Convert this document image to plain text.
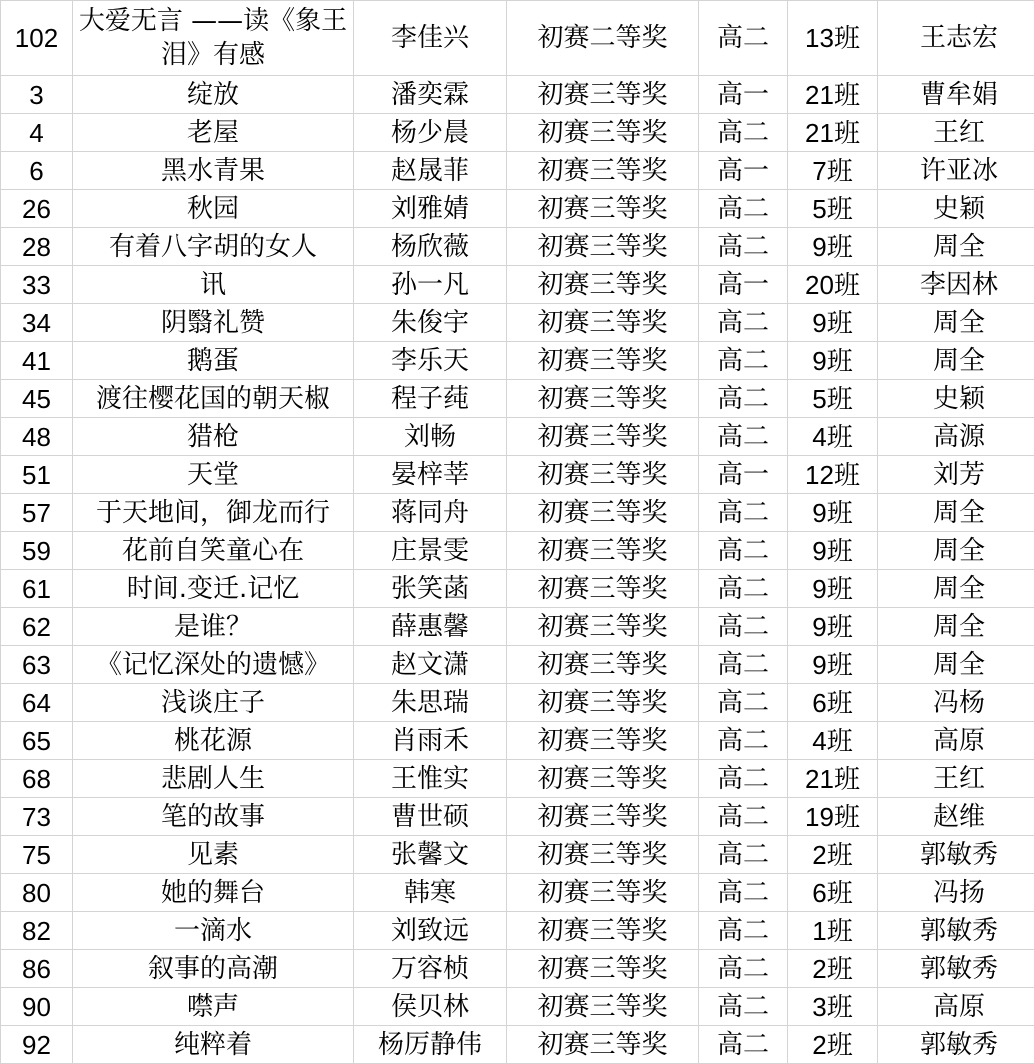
102	大爱无言 ——读《象王泪》有感	李佳兴	初赛二等奖	高二	13班	王志宏
3	绽放	潘奕霖	初赛三等奖	高一	21班	曹牟娟
4	老屋	杨少晨	初赛三等奖	高二	21班	王红
6	黑水青果	赵晟菲	初赛三等奖	高一	7班	许亚冰
26	秋园	刘雅婧	初赛三等奖	高二	5班	史颖
28	有着八字胡的女人	杨欣薇	初赛三等奖	高二	9班	周全
33	讯	孙一凡	初赛三等奖	高一	20班	李因林
34	阴翳礼赞	朱俊宇	初赛三等奖	高二	9班	周全
41	鹅蛋	李乐天	初赛三等奖	高二	9班	周全
45	渡往樱花国的朝天椒	程子莼	初赛三等奖	高二	5班	史颖
48	猎枪	刘畅	初赛三等奖	高二	4班	高源
51	天堂	晏梓莘	初赛三等奖	高一	12班	刘芳
57	于天地间，御龙而行	蒋同舟	初赛三等奖	高二	9班	周全
59	花前自笑童心在	庄景雯	初赛三等奖	高二	9班	周全
61	时间.变迁.记忆	张笑菡	初赛三等奖	高二	9班	周全
62	是谁？	薛惠馨	初赛三等奖	高二	9班	周全
63	《记忆深处的遗憾》	赵文潇	初赛三等奖	高二	9班	周全
64	浅谈庄子	朱思瑞	初赛三等奖	高二	6班	冯杨
65	桃花源	肖雨禾	初赛三等奖	高二	4班	高原
68	悲剧人生	王惟实	初赛三等奖	高二	21班	王红
73	笔的故事	曹世硕	初赛三等奖	高二	19班	赵维
75	见素	张馨文	初赛三等奖	高二	2班	郭敏秀
80	她的舞台	韩寒	初赛三等奖	高二	6班	冯扬
82	一滴水	刘致远	初赛三等奖	高二	1班	郭敏秀
86	叙事的高潮	万容桢	初赛三等奖	高二	2班	郭敏秀
90	噤声	侯贝林	初赛三等奖	高二	3班	高原
92	纯粹着	杨厉静伟	初赛三等奖	高二	2班	郭敏秀
